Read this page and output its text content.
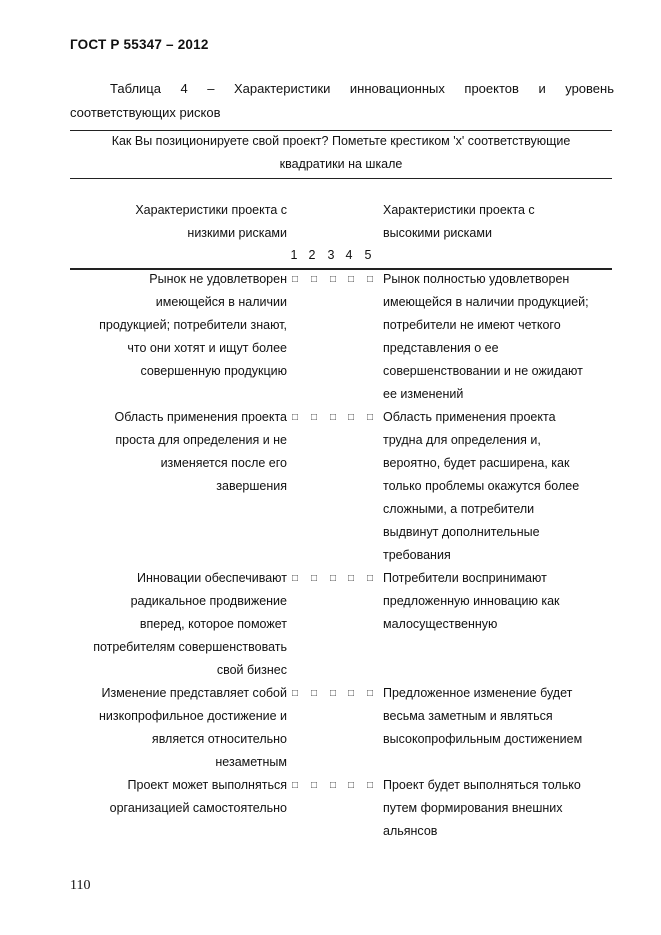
ГОСТ Р 55347 – 2012
Таблица 4 – Характеристики инновационных проектов и уровень
соответствующих рисков
Как Вы позиционируете свой проект? Пометьте крестиком 'x' соответствующие
квадратики на шкале
Характеристики проекта с
низкими рисками
Характеристики проекта с
высокими рисками
1 2 3 4 5
Рынок не удовлетворен
имеющейся в наличии
продукцией; потребители знают,
что они хотят и ищут более
совершенную продукцию
□ □ □ □ □ Рынок полностью удовлетворен
имеющейся в наличии продукцией;
потребители не имеют четкого
представления о ее
совершенствовании и не ожидают
ее изменений
Область применения проекта
проста для определения и не
изменяется после его
завершения
□ □ □ □ □ Область применения проекта
трудна для определения и,
вероятно, будет расширена, как
только проблемы окажутся более
сложными, а потребители
выдвинут дополнительные
требования
Инновации обеспечивают
радикальное продвижение
вперед, которое поможет
потребителям совершенствовать
свой бизнес
□ □ □ □ □ Потребители воспринимают
предложенную инновацию как
малосущественную
Изменение представляет собой
низкопрофильное достижение и
является относительно
незаметным
□ □ □ □ □ Предложенное изменение будет
весьма заметным и являться
высокопрофильным достижением
Проект может выполняться
организацией самостоятельно
□ □ □ □ □ Проект будет выполняться только
путем формирования внешних
альянсов
110
